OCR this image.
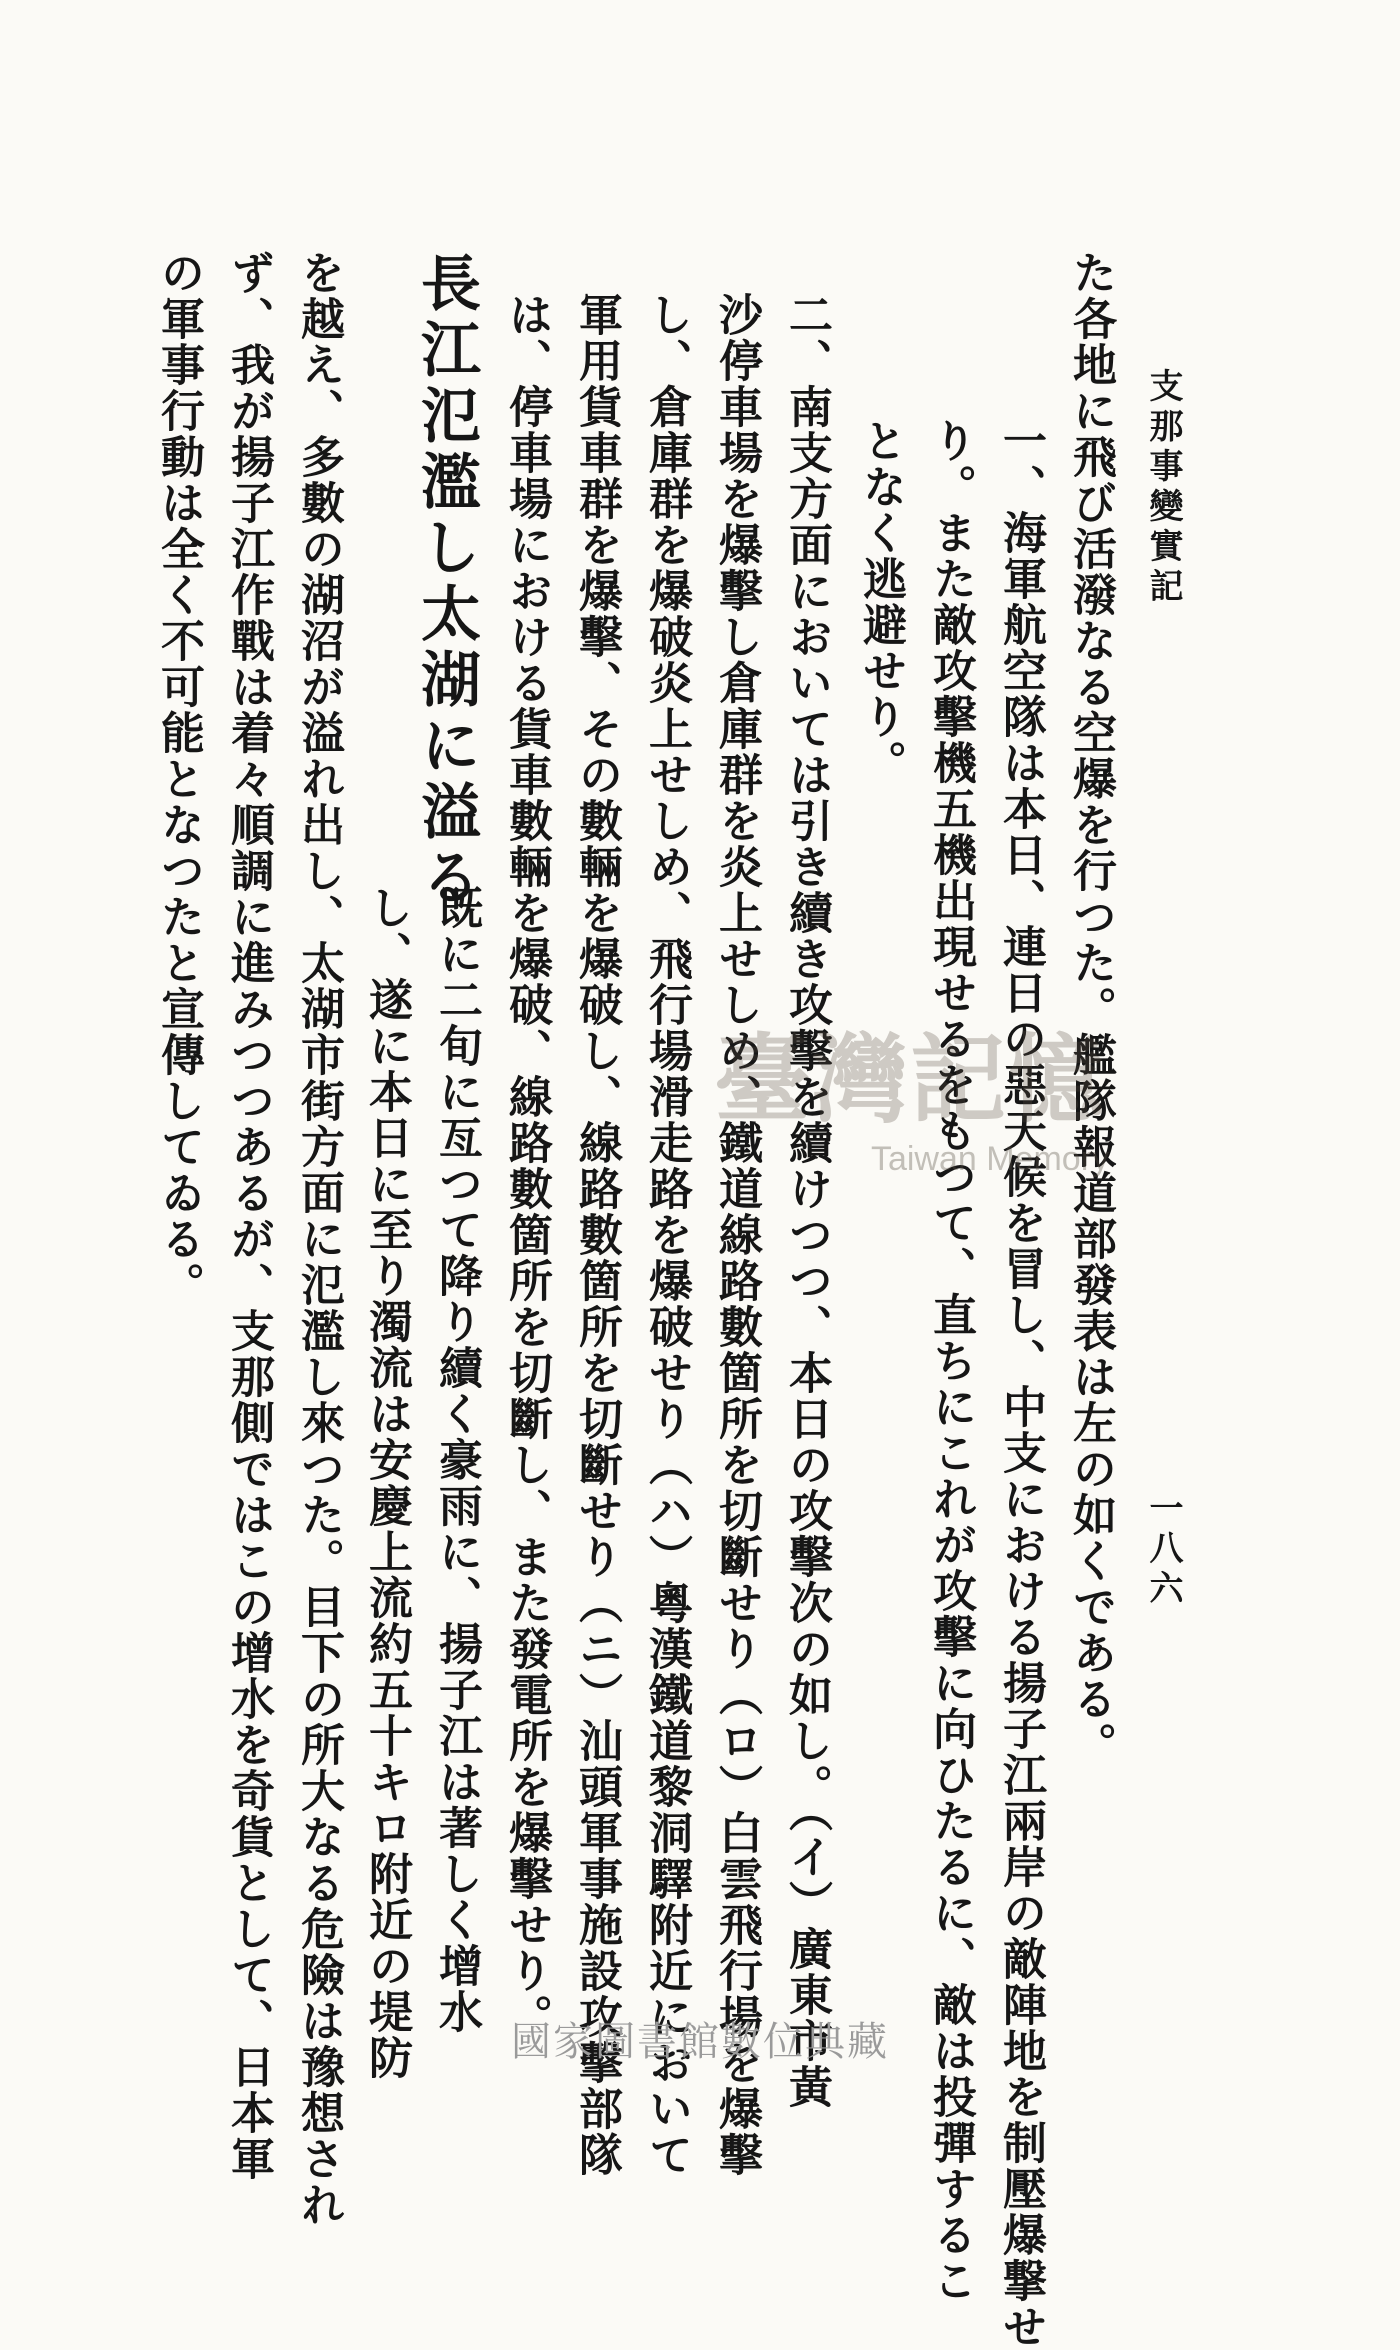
支那事變實記
一八六

た各地に飛び活潑なる空爆を行つた。艦隊報道部發表は左の如くである。

一、海軍航空隊は本日、連日の惡天候を冒し、中支における揚子江兩岸の敵陣地を制壓爆撃せ

り。また敵攻擊機五機出現せるをもつて、直ちにこれが攻擊に向ひたるに、敵は投彈するこ

となく逃避せり。

二、南支方面においては引き續き攻擊を續けつつ、本日の攻擊次の如し。（イ）廣東市黃

沙停車場を爆擊し倉庫群を炎上せしめ、鐵道線路數箇所を切斷せり（ロ）白雲飛行場を爆擊

し、倉庫群を爆破炎上せしめ、飛行場滑走路を爆破せり（ハ）粵漢鐵道黎洞驛附近において

軍用貨車群を爆擊、その數輛を爆破し、線路數箇所を切斷せり（ニ）汕頭軍事施設攻擊部隊

は、停車場における貨車數輛を爆破、線路數箇所を切斷し、また發電所を爆擊せり。

長江氾濫し太湖に溢る

既に二旬に亙つて降り續く豪雨に、揚子江は著しく增水

し、遂に本日に至り濁流は安慶上流約五十キロ附近の堤防

を越え、多數の湖沼が溢れ出し、太湖市街方面に氾濫し來つた。目下の所大なる危險は豫想され

ず、我が揚子江作戰は着々順調に進みつつあるが、支那側ではこの增水を奇貨として、日本軍

の軍事行動は全く不可能となつたと宣傳してゐる。	臺灣記憶
Taiwan Memory
國家圖書館數位典藏
